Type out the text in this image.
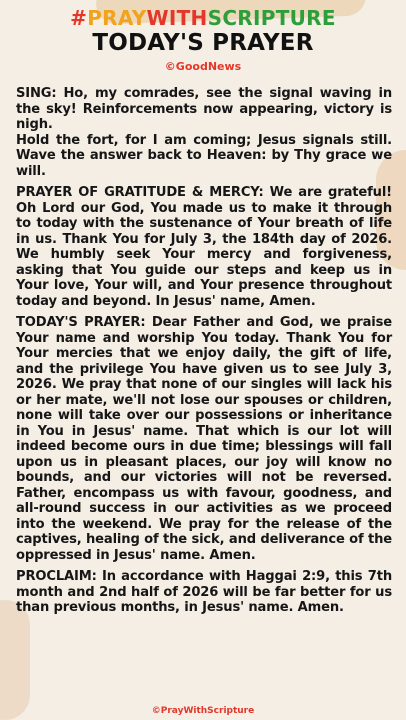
#PRAYWITHSCRIPTURE
TODAY'S PRAYER
©GoodNews

SING: Ho, my comrades, see the signal waving in the sky! Reinforcements now appearing, victory is nigh.
Hold the fort, for I am coming; Jesus signals still. Wave the answer back to Heaven: by Thy grace we will.

PRAYER OF GRATITUDE & MERCY: We are grateful! Oh Lord our God, You made us to make it through to today with the sustenance of Your breath of life in us. Thank You for July 3, the 184th day of 2026. We humbly seek Your mercy and forgiveness, asking that You guide our steps and keep us in Your love, Your will, and Your presence throughout today and beyond. In Jesus' name, Amen.

TODAY'S PRAYER: Dear Father and God, we praise Your name and worship You today. Thank You for Your mercies that we enjoy daily, the gift of life, and the privilege You have given us to see July 3, 2026. We pray that none of our singles will lack his or her mate, we'll not lose our spouses or children, none will take over our possessions or inheritance in You in Jesus' name. That which is our lot will indeed become ours in due time; blessings will fall upon us in pleasant places, our joy will know no bounds, and our victories will not be reversed. Father, encompass us with favour, goodness, and all-round success in our activities as we proceed into the weekend. We pray for the release of the captives, healing of the sick, and deliverance of the oppressed in Jesus' name. Amen.

PROCLAIM: In accordance with Haggai 2:9, this 7th month and 2nd half of 2026 will be far better for us than previous months, in Jesus' name. Amen.

©PrayWithScripture
